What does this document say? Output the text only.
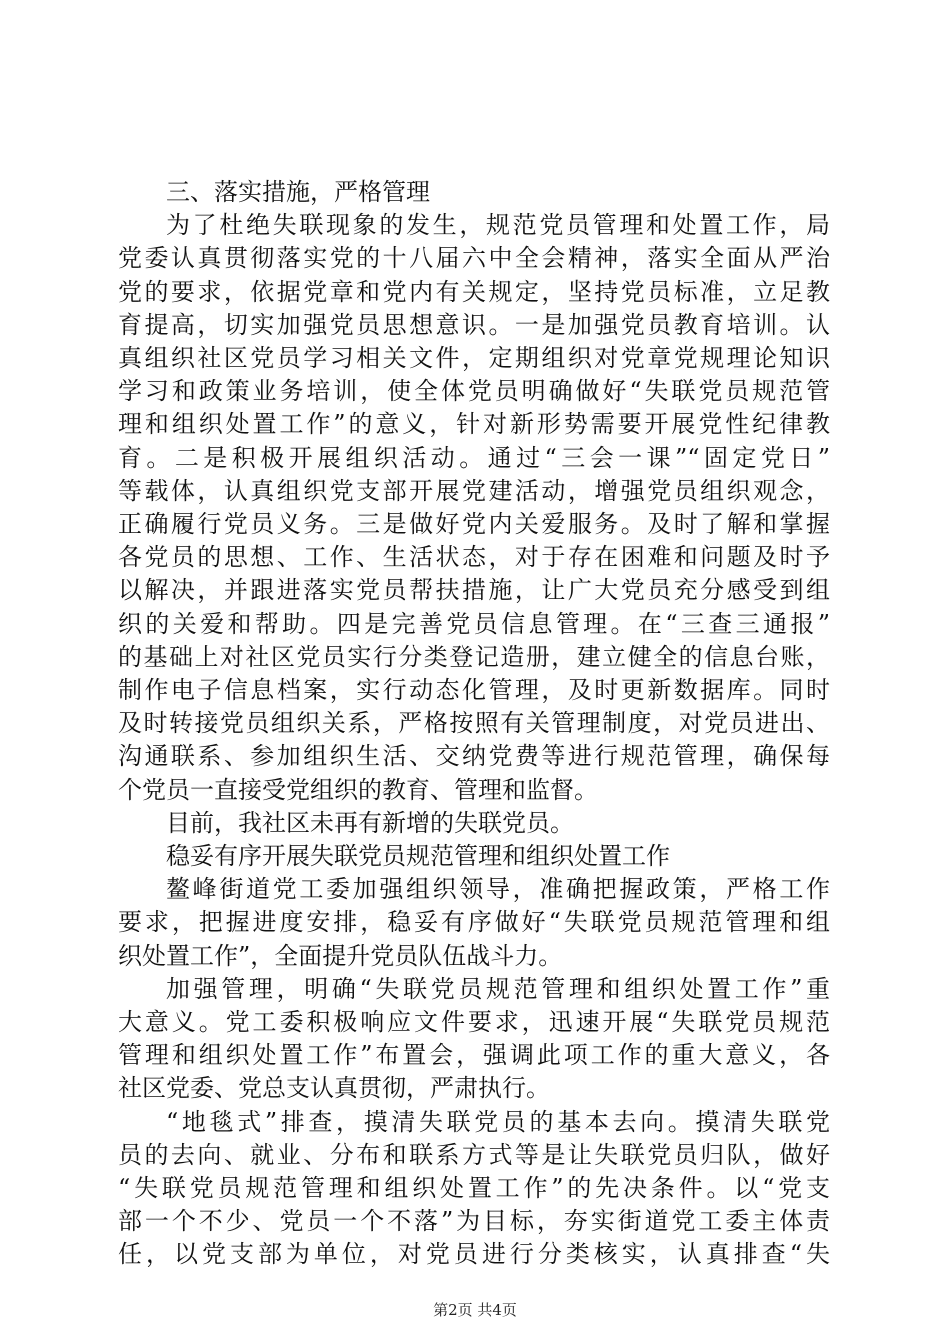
三、落实措施，严格管理
为了杜绝失联现象的发生，规范党员管理和处置工作，局
党委认真贯彻落实党的十八届六中全会精神，落实全面从严治
党的要求，依据党章和党内有关规定，坚持党员标准，立足教
育提高，切实加强党员思想意识。一是加强党员教育培训。认
真组织社区党员学习相关文件，定期组织对党章党规理论知识
学习和政策业务培训，使全体党员明确做好“失联党员规范管
理和组织处置工作”的意义，针对新形势需要开展党性纪律教
育。二是积极开展组织活动。通过“三会一课”“固定党日”
等载体，认真组织党支部开展党建活动，增强党员组织观念，
正确履行党员义务。三是做好党内关爱服务。及时了解和掌握
各党员的思想、工作、生活状态，对于存在困难和问题及时予
以解决，并跟进落实党员帮扶措施，让广大党员充分感受到组
织的关爱和帮助。四是完善党员信息管理。在“三查三通报”
的基础上对社区党员实行分类登记造册，建立健全的信息台账，
制作电子信息档案，实行动态化管理，及时更新数据库。同时
及时转接党员组织关系，严格按照有关管理制度，对党员进出、
沟通联系、参加组织生活、交纳党费等进行规范管理，确保每
个党员一直接受党组织的教育、管理和监督。
目前，我社区未再有新增的失联党员。
稳妥有序开展失联党员规范管理和组织处置工作
鳌峰街道党工委加强组织领导，准确把握政策，严格工作
要求，把握进度安排，稳妥有序做好“失联党员规范管理和组
织处置工作”，全面提升党员队伍战斗力。
加强管理，明确“失联党员规范管理和组织处置工作”重
大意义。党工委积极响应文件要求，迅速开展“失联党员规范
管理和组织处置工作”布置会，强调此项工作的重大意义，各
社区党委、党总支认真贯彻，严肃执行。
“地毯式”排查，摸清失联党员的基本去向。摸清失联党
员的去向、就业、分布和联系方式等是让失联党员归队，做好
“失联党员规范管理和组织处置工作”的先决条件。以“党支
部一个不少、党员一个不落”为目标，夯实街道党工委主体责
任，以党支部为单位，对党员进行分类核实，认真排查“失
第2页 共4页
